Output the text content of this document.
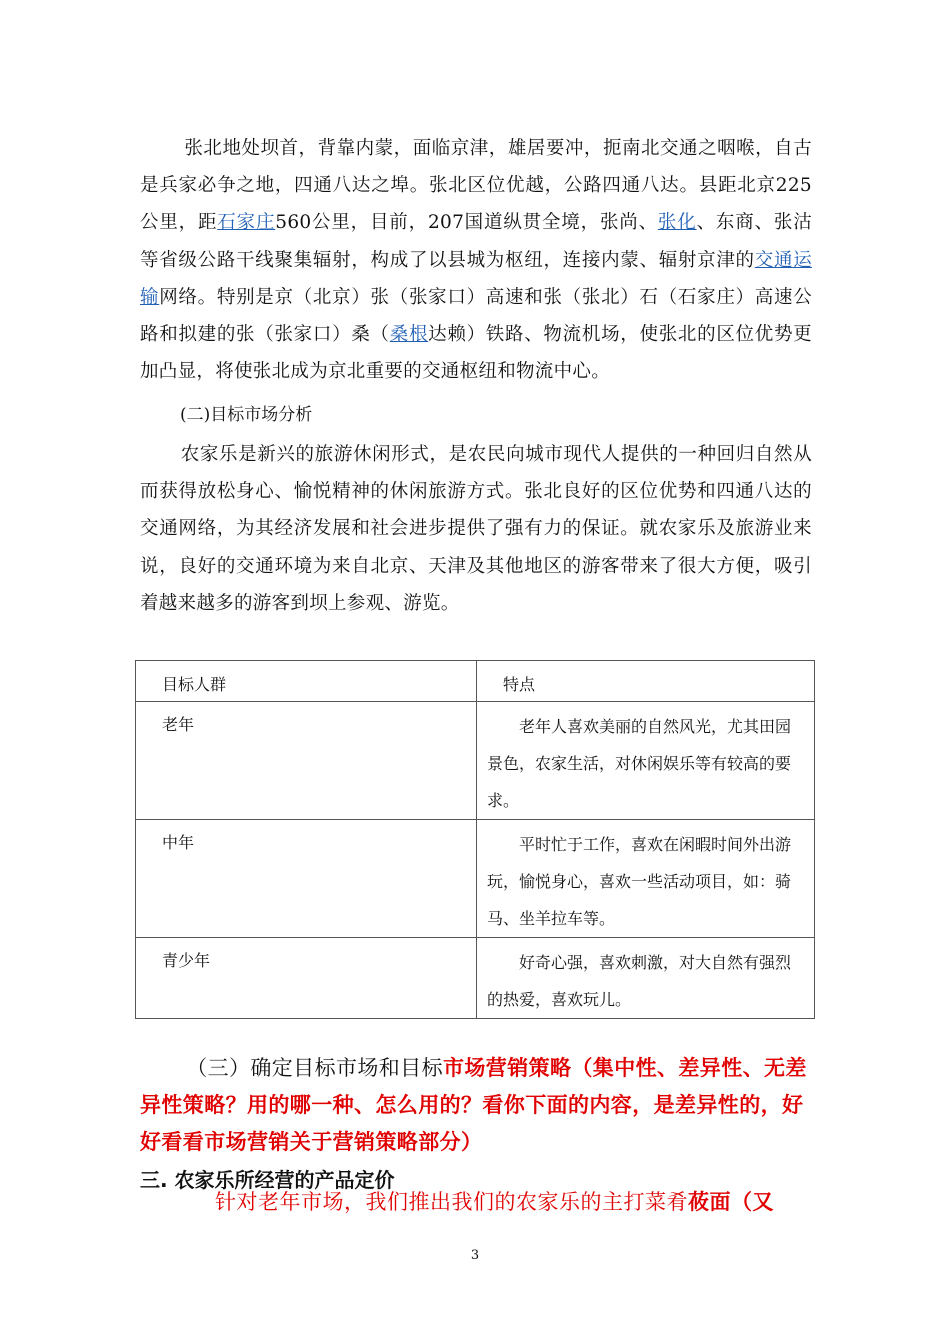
张北地处坝首，背靠内蒙，面临京津，雄居要冲，扼南北交通之咽喉，自古是兵家必争之地，四通八达之埠。张北区位优越，公路四通八达。县距北京225公里，距石家庄560公里，目前，207国道纵贯全境，张尚、张化、东商、张沽等省级公路干线聚集辐射，构成了以县城为枢纽，连接内蒙、辐射京津的交通运输网络。特别是京（北京）张（张家口）高速和张（张北）石（石家庄）高速公路和拟建的张（张家口）桑（桑根达赖）铁路、物流机场，使张北的区位优势更加凸显，将使张北成为京北重要的交通枢纽和物流中心。
(二)目标市场分析
农家乐是新兴的旅游休闲形式，是农民向城市现代人提供的一种回归自然从而获得放松身心、愉悦精神的休闲旅游方式。张北良好的区位优势和四通八达的交通网络，为其经济发展和社会进步提供了强有力的保证。就农家乐及旅游业来说，良好的交通环境为来自北京、天津及其他地区的游客带来了很大方便，吸引着越来越多的游客到坝上参观、游览。
目标人群	特点

老年	老年人喜欢美丽的自然风光，尤其田园景色，农家生活，对休闲娱乐等有较高的要求。

中年	平时忙于工作，喜欢在闲暇时间外出游玩，愉悦身心，喜欢一些活动项目，如：骑马、坐羊拉车等。

青少年	好奇心强，喜欢刺激，对大自然有强烈的热爱，喜欢玩儿。
（三）确定目标市场和目标市场营销策略（集中性、差异性、无差异性策略？用的哪一种、怎么用的？看你下面的内容，是差异性的，好好看看市场营销关于营销策略部分）
三. 农家乐所经营的产品定价
针对老年市场，我们推出我们的农家乐的主打菜肴莜面（又
3
